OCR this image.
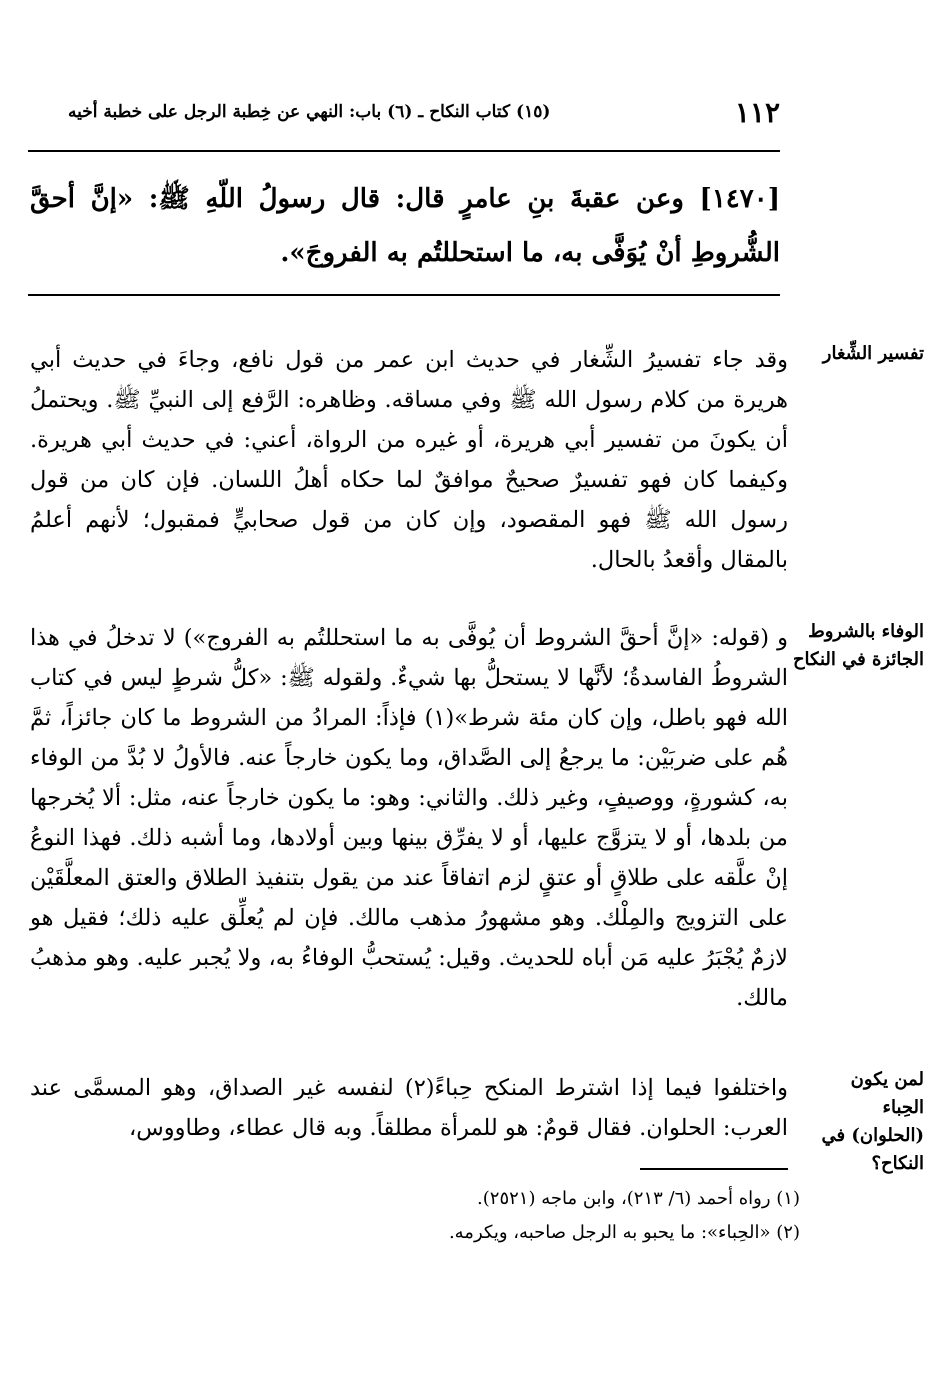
١١٢
(١٥) كتاب النكاح ـ (٦) باب: النهي عن خِطبة الرجل على خطبة أخيه
[١٤٧٠] وعن عقبةَ بنِ عامرٍ قال: قال رسولُ اللّهِ ﷺ: «إنَّ أحقَّ الشُّروطِ أنْ يُوَفَّى به، ما استحللتُم به الفروجَ».
تفسير الشِّغار
وقد جاء تفسيرُ الشِّغار في حديث ابن عمر من قول نافع، وجاءَ في حديث أبي هريرة من كلام رسول الله ﷺ وفي مساقه. وظاهره: الرَّفع إلى النبيِّ ﷺ. ويحتملُ أن يكونَ من تفسير أبي هريرة، أو غيره من الرواة، أعني: في حديث أبي هريرة. وكيفما كان فهو تفسيرٌ صحيحٌ موافقٌ لما حكاه أهلُ اللسان. فإن كان من قول رسول الله ﷺ فهو المقصود، وإن كان من قول صحابيٍّ فمقبول؛ لأنهم أعلمُ بالمقال وأقعدُ بالحال.
الوفاء بالشروط الجائزة في النكاح
و (قوله: «إنَّ أحقَّ الشروط أن يُوفَّى به ما استحللتُم به الفروج») لا تدخلُ في هذا الشروطُ الفاسدةُ؛ لأنَّها لا يستحلُّ بها شيءٌ. ولقوله ﷺ: «كلُّ شرطٍ ليس في كتاب الله فهو باطل، وإن كان مئة شرط»(١) فإذاً: المرادُ من الشروط ما كان جائزاً، ثمَّ هُم على ضربَيْن: ما يرجعُ إلى الصَّداق، وما يكون خارجاً عنه. فالأولُ لا بُدَّ من الوفاء به، كشورةٍ، ووصيفٍ، وغير ذلك. والثاني: وهو: ما يكون خارجاً عنه، مثل: ألا يُخرجها من بلدها، أو لا يتزوَّج عليها، أو لا يفرِّق بينها وبين أولادها، وما أشبه ذلك. فهذا النوعُ إنْ علَّقه على طلاقٍ أو عتقٍ لزم اتفاقاً عند من يقول بتنفيذ الطلاق والعتق المعلَّقَيْن على التزويج والمِلْك. وهو مشهورُ مذهب مالك. فإن لم يُعلِّق عليه ذلك؛ فقيل هو لازمٌ يُجْبَرُ عليه مَن أباه للحديث. وقيل: يُستحبُّ الوفاءُ به، ولا يُجبر عليه. وهو مذهبُ مالك.
لمن يكون الحِباء (الحلوان) في النكاح؟
واختلفوا فيما إذا اشترط المنكح حِباءً(٢) لنفسه غير الصداق، وهو المسمَّى عند العرب: الحلوان. فقال قومٌ: هو للمرأة مطلقاً. وبه قال عطاء، وطاووس،
(١) رواه أحمد (٦/ ٢١٣)، وابن ماجه (٢٥٢١).
(٢) «الحِباء»: ما يحبو به الرجل صاحبه، ويكرمه.
